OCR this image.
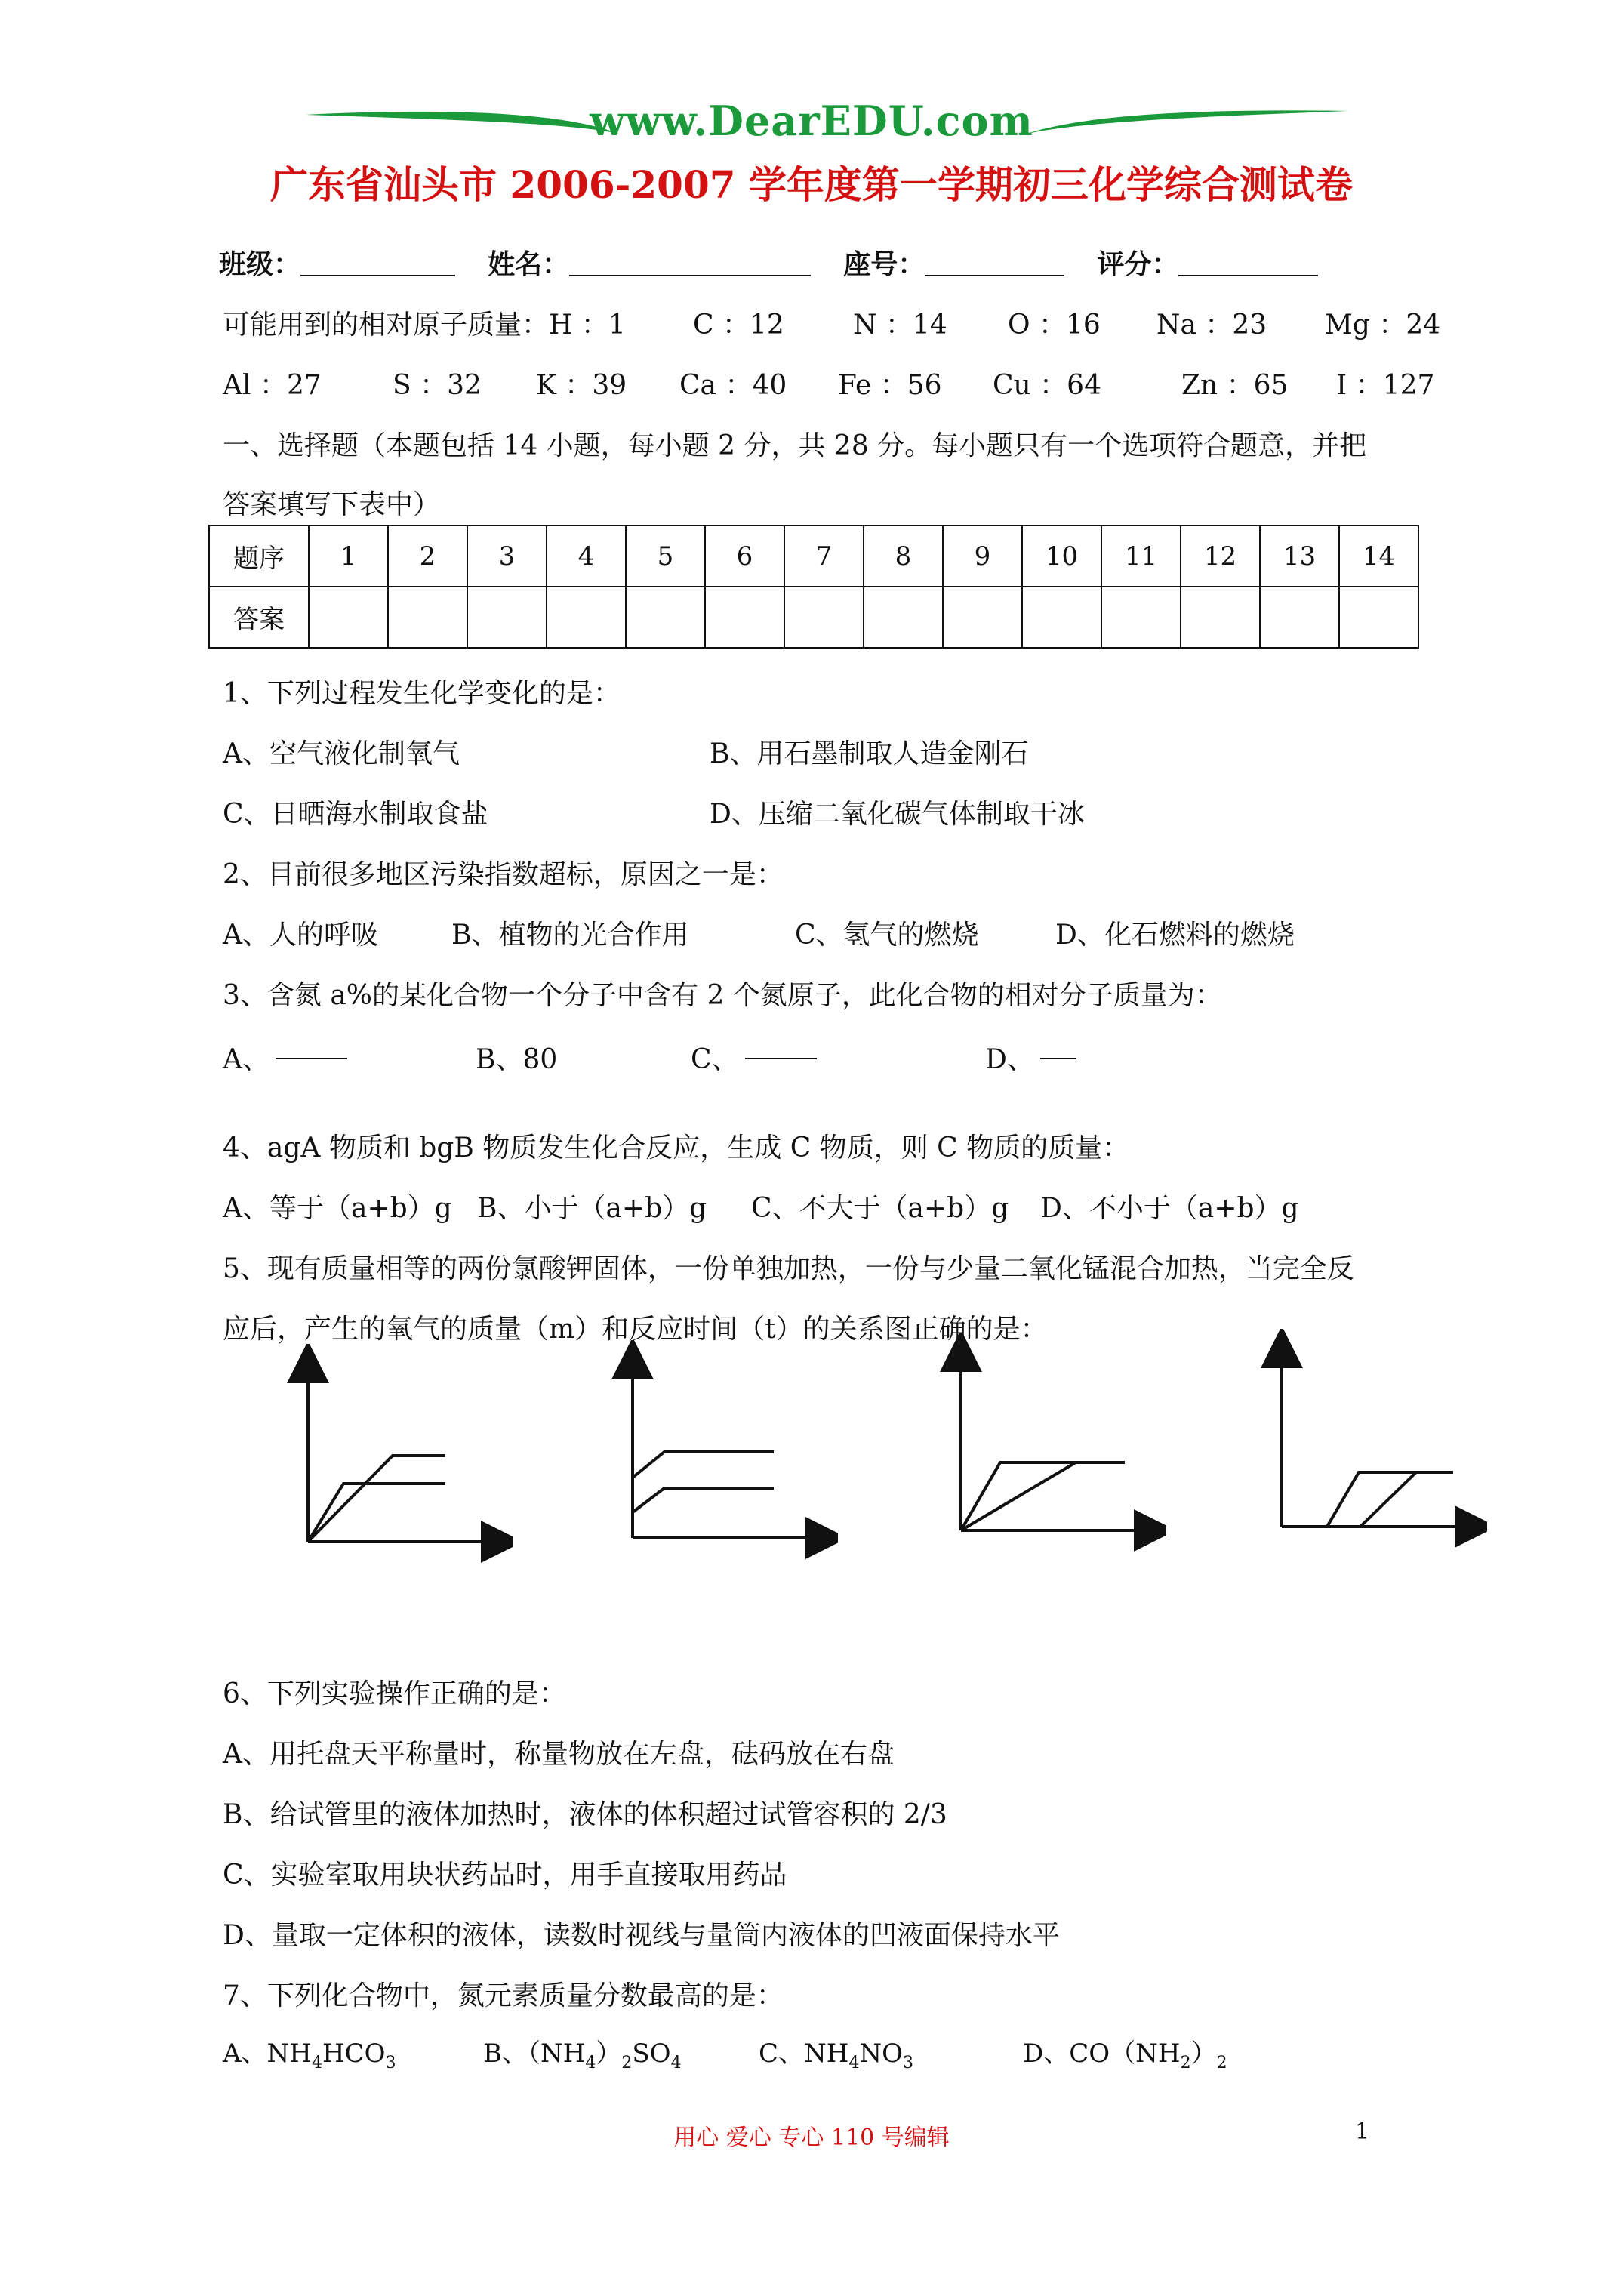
www.DearEDU.com
广东省汕头市 2006-2007 学年度第一学期初三化学综合测试卷
班级：	姓名：	座号：	评分：
可能用到的相对原子质量：H ：1 C ：12	N ：14 O ：16 Na ：23 Mg ：24
Al ：27	S ：32 K ：39 Ca ：40 Fe ：56 Cu ：64	Zn ：65 I ：127
一、选择题（本题包括 14 小题，每小题 2 分，共 28 分。每小题只有一个选项符合题意，并把
答案填写下表中）
题序	1	2	3	4	5	6	7	8	9	10	11	12	13	14
答案														
1、下列过程发生化学变化的是：
A、空气液化制氧气	B、用石墨制取人造金刚石
C、日晒海水制取食盐	D、压缩二氧化碳气体制取干冰
2、目前很多地区污染指数超标，原因之一是：
A、人的呼吸	B、植物的光合作用	C、氢气的燃烧	D、化石燃料的燃烧
3、含氮 a%的某化合物一个分子中含有 2 个氮原子，此化合物的相对分子质量为：
A、	B、80	C、	D、
4、agA 物质和 bgB 物质发生化合反应，生成 C 物质，则 C 物质的质量：
A、等于（a+b）g B、小于（a+b）g C、不大于（a+b）g D、不小于（a+b）g
5、现有质量相等的两份氯酸钾固体，一份单独加热，一份与少量二氧化锰混合加热，当完全反
应后，产生的氧气的质量（m）和反应时间（t）的关系图正确的是：
6、下列实验操作正确的是：
A、用托盘天平称量时，称量物放在左盘，砝码放在右盘
B、给试管里的液体加热时，液体的体积超过试管容积的 2/3
C、实验室取用块状药品时，用手直接取用药品
D、量取一定体积的液体，读数时视线与量筒内液体的凹液面保持水平
7、下列化合物中，氮元素质量分数最高的是：
A、$NH_4HCO_3$	B、$(NH_4)_2SO_4$	C、$NH_4NO_3$	D、$CO(NH_2)_2$
用心 爱心 专心 110 号编辑	1
